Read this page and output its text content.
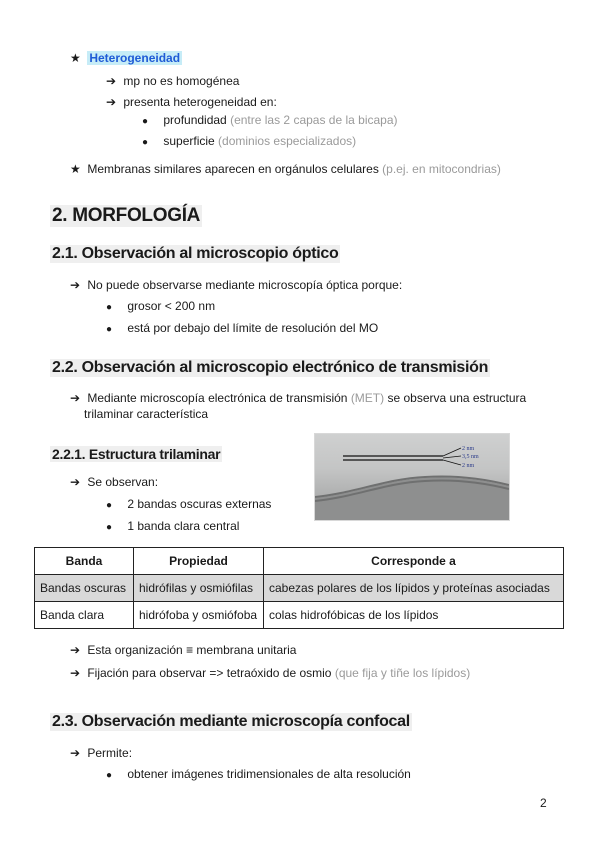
★ Heterogeneidad
➔ mp no es homogénea
➔ presenta heterogeneidad en:
● profundidad (entre las 2 capas de la bicapa)
● superficie (dominios especializados)
★ Membranas similares aparecen en orgánulos celulares (p.ej. en mitocondrias)
2. MORFOLOGÍA
2.1. Observación al microscopio óptico
➔ No puede observarse mediante microscopía óptica porque:
● grosor < 200 nm
● está por debajo del límite de resolución del MO
2.2. Observación al microscopio electrónico de transmisión
➔ Mediante microscopía electrónica de transmisión (MET) se observa una estructura
trilaminar característica
2.2.1. Estructura trilaminar
➔ Se observan:
● 2 bandas oscuras externas
● 1 banda clara central
2 nm
3,5 nm
2 nm
Banda	Propiedad	Corresponde a
Bandas oscuras	hidrófilas y osmiófilas	cabezas polares de los lípidos y proteínas asociadas
Banda clara	hidrófoba y osmiófoba	colas hidrofóbicas de los lípidos
➔ Esta organización ≡ membrana unitaria
➔ Fijación para observar => tetraóxido de osmio (que fija y tiñe los lípidos)
2.3. Observación mediante microscopía confocal
➔ Permite:
● obtener imágenes tridimensionales de alta resolución
2
